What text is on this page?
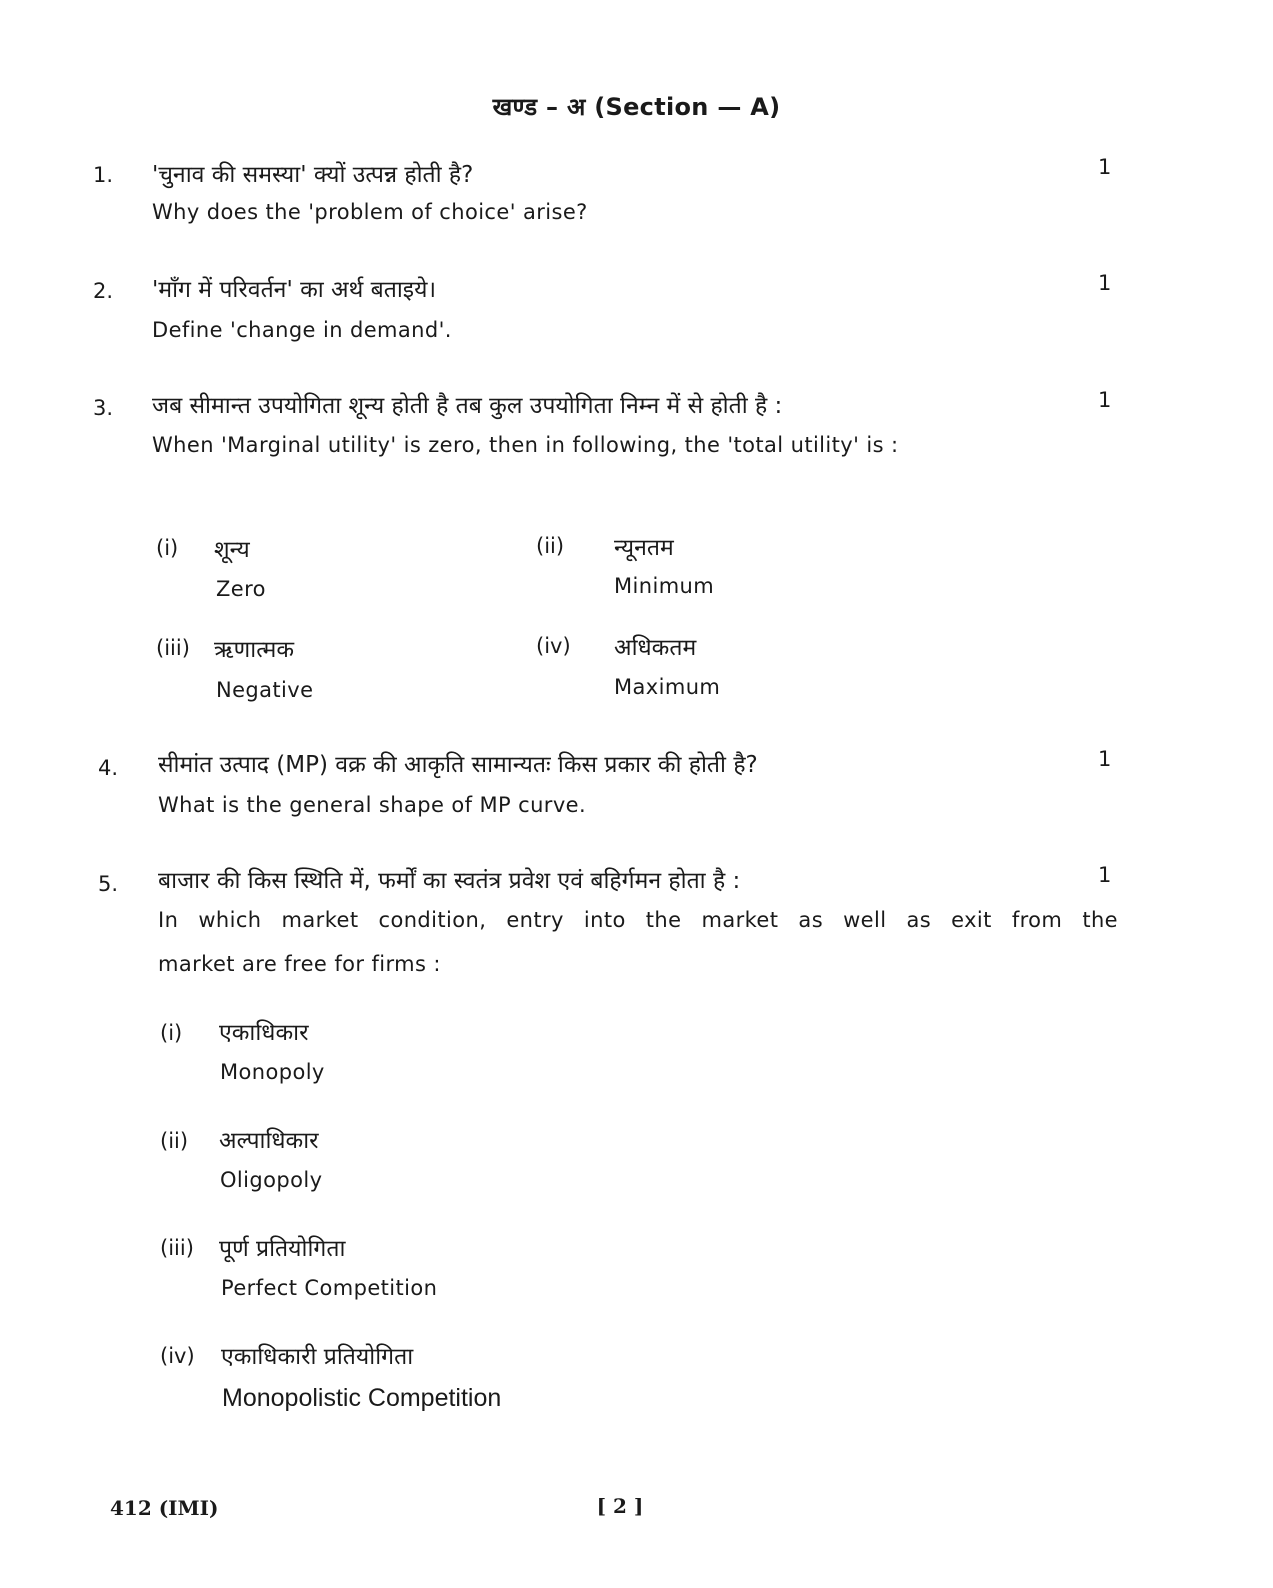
खण्ड – अ (Section — A)
1. 'चुनाव की समस्या' क्यों उत्पन्न होती है?	1
Why does the 'problem of choice' arise?
2. 'माँग में परिवर्तन' का अर्थ बताइये।	1
Define 'change in demand'.
3. जब सीमान्त उपयोगिता शून्य होती है तब कुल उपयोगिता निम्न में से होती है :	1
When 'Marginal utility' is zero, then in following, the 'total utility' is :
(i) शून्य
Zero
(ii) न्यूनतम
Minimum
(iii) ऋणात्मक
Negative
(iv) अधिकतम
Maximum
4. सीमांत उत्पाद (MP) वक्र की आकृति सामान्यतः किस प्रकार की होती है?	1
What is the general shape of MP curve.
5. बाजार की किस स्थिति में, फर्मों का स्वतंत्र प्रवेश एवं बहिर्गमन होता है :	1
In which market condition, entry into the market as well as exit from the
market are free for firms :
(i) एकाधिकार
Monopoly
(ii) अल्पाधिकार
Oligopoly
(iii) पूर्ण प्रतियोगिता
Perfect Competition
(iv) एकाधिकारी प्रतियोगिता
Monopolistic Competition
412 (IMI)	[ 2 ]
